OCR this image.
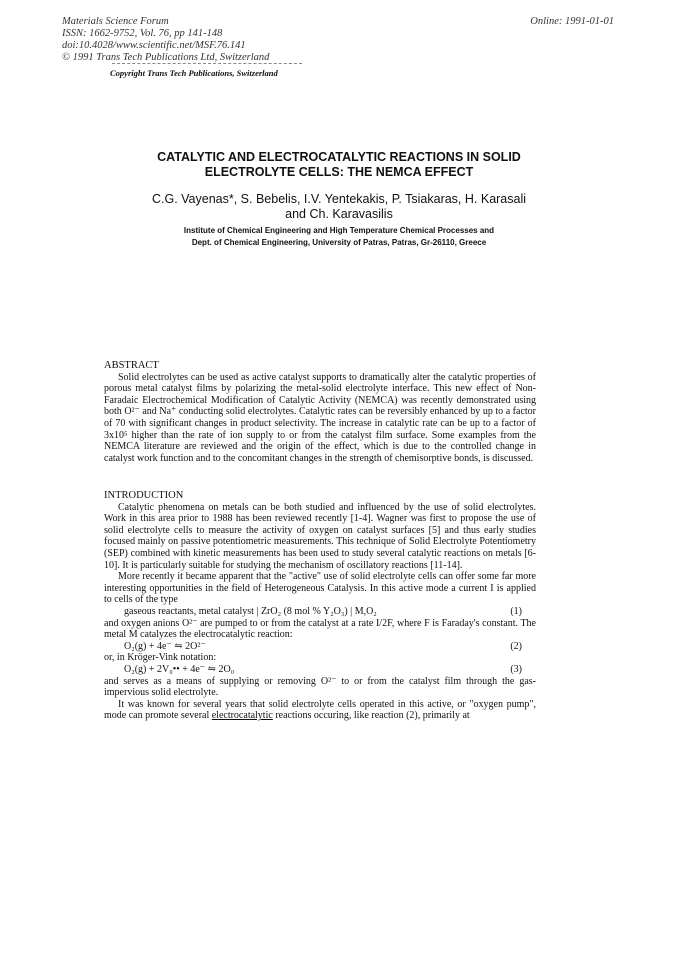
Materials Science Forum
ISSN: 1662-9752, Vol. 76, pp 141-148
doi:10.4028/www.scientific.net/MSF.76.141
© 1991 Trans Tech Publications Ltd, Switzerland
Online: 1991-01-01
Copyright Trans Tech Publications, Switzerland
CATALYTIC AND ELECTROCATALYTIC REACTIONS IN SOLID
ELECTROLYTE CELLS: THE NEMCA EFFECT
C.G. Vayenas*, S. Bebelis, I.V. Yentekakis, P. Tsiakaras, H. Karasali
and Ch. Karavasilis
Institute of Chemical Engineering and High Temperature Chemical Processes and
Dept. of Chemical Engineering, University of Patras, Patras, Gr-26110, Greece
ABSTRACT

Solid electrolytes can be used as active catalyst supports to dramatically alter the catalytic properties of porous metal catalyst films by polarizing the metal-solid electrolyte interface. This new effect of Non-Faradaic Electrochemical Modification of Catalytic Activity (NEMCA) was recently demonstrated using both O²⁻ and Na⁺ conducting solid electrolytes. Catalytic rates can be reversibly enhanced by up to a factor of 70 with significant changes in product selectivity. The increase in catalytic rate can be up to a factor of 3x10⁵ higher than the rate of ion supply to or from the catalyst film surface. Some examples from the NEMCA literature are reviewed and the origin of the effect, which is due to the controlled change in catalyst work function and to the concomitant changes in the strength of chemisorptive bonds, is discussed.

INTRODUCTION

Catalytic phenomena on metals can be both studied and influenced by the use of solid electrolytes. Work in this area prior to 1988 has been reviewed recently [1-4]. Wagner was first to propose the use of solid electrolyte cells to measure the activity of oxygen on catalyst surfaces [5] and thus early studies focused mainly on passive potentiometric measurements. This technique of Solid Electrolyte Potentiometry (SEP) combined with kinetic measurements has been used to study several catalytic reactions on metals [6-10]. It is particularly suitable for studying the mechanism of oscillatory reactions [11-14].

More recently it became apparent that the "active" use of solid electrolyte cells can offer some far more interesting opportunities in the field of Heterogeneous Catalysis. In this active mode a current I is applied to cells of the type

gaseous reactants, metal catalyst | ZrO₂ (8 mol % Y₂O₃) | M,O₂	(1)

and oxygen anions O²⁻ are pumped to or from the catalyst at a rate I/2F, where F is Faraday's constant. The metal M catalyzes the electrocatalytic reaction:

O₂(g) + 4e⁻ ⇋ 2O²⁻	(2)

or, in Kröger-Vink notation:

O₂(g) + 2V₀•• + 4e⁻ ⇋ 2O₀	(3)

and serves as a means of supplying or removing O²⁻ to or from the catalyst film through the gas-impervious solid electrolyte.

It was known for several years that solid electrolyte cells operated in this active, or "oxygen pump", mode can promote several electrocatalytic reactions occuring, like reaction (2), primarily at
